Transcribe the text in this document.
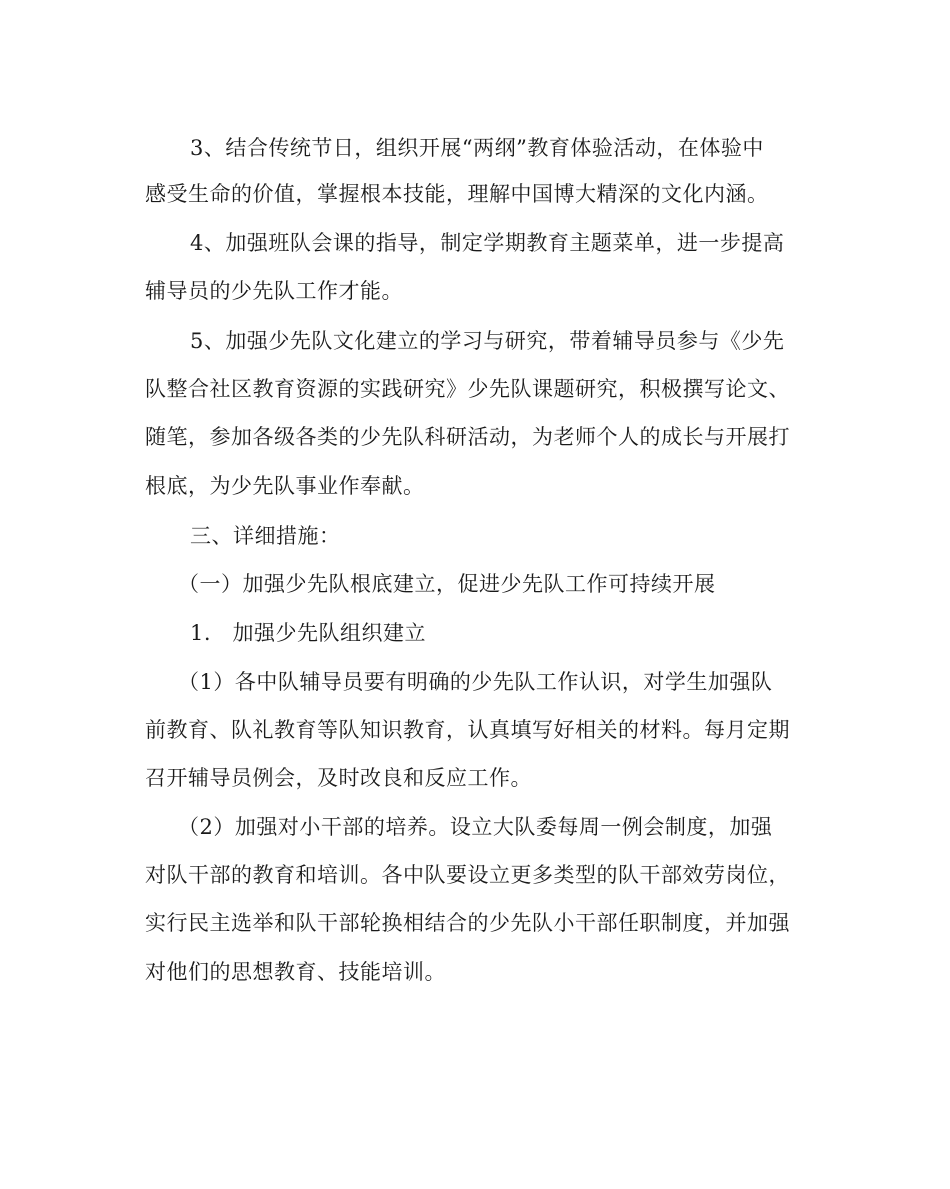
3、结合传统节日，组织开展“两纲”教育体验活动，在体验中
感受生命的价值，掌握根本技能，理解中国博大精深的文化内涵。
4、加强班队会课的指导，制定学期教育主题菜单，进一步提高
辅导员的少先队工作才能。
5、加强少先队文化建立的学习与研究，带着辅导员参与《少先
队整合社区教育资源的实践研究》少先队课题研究，积极撰写论文、
随笔，参加各级各类的少先队科研活动，为老师个人的成长与开展打
根底，为少先队事业作奉献。
三、详细措施：
（一）加强少先队根底建立，促进少先队工作可持续开展
1.　加强少先队组织建立
（1）各中队辅导员要有明确的少先队工作认识，对学生加强队
前教育、队礼教育等队知识教育，认真填写好相关的材料。每月定期
召开辅导员例会，及时改良和反应工作。
（2）加强对小干部的培养。设立大队委每周一例会制度，加强
对队干部的教育和培训。各中队要设立更多类型的队干部效劳岗位，
实行民主选举和队干部轮换相结合的少先队小干部任职制度，并加强
对他们的思想教育、技能培训。
